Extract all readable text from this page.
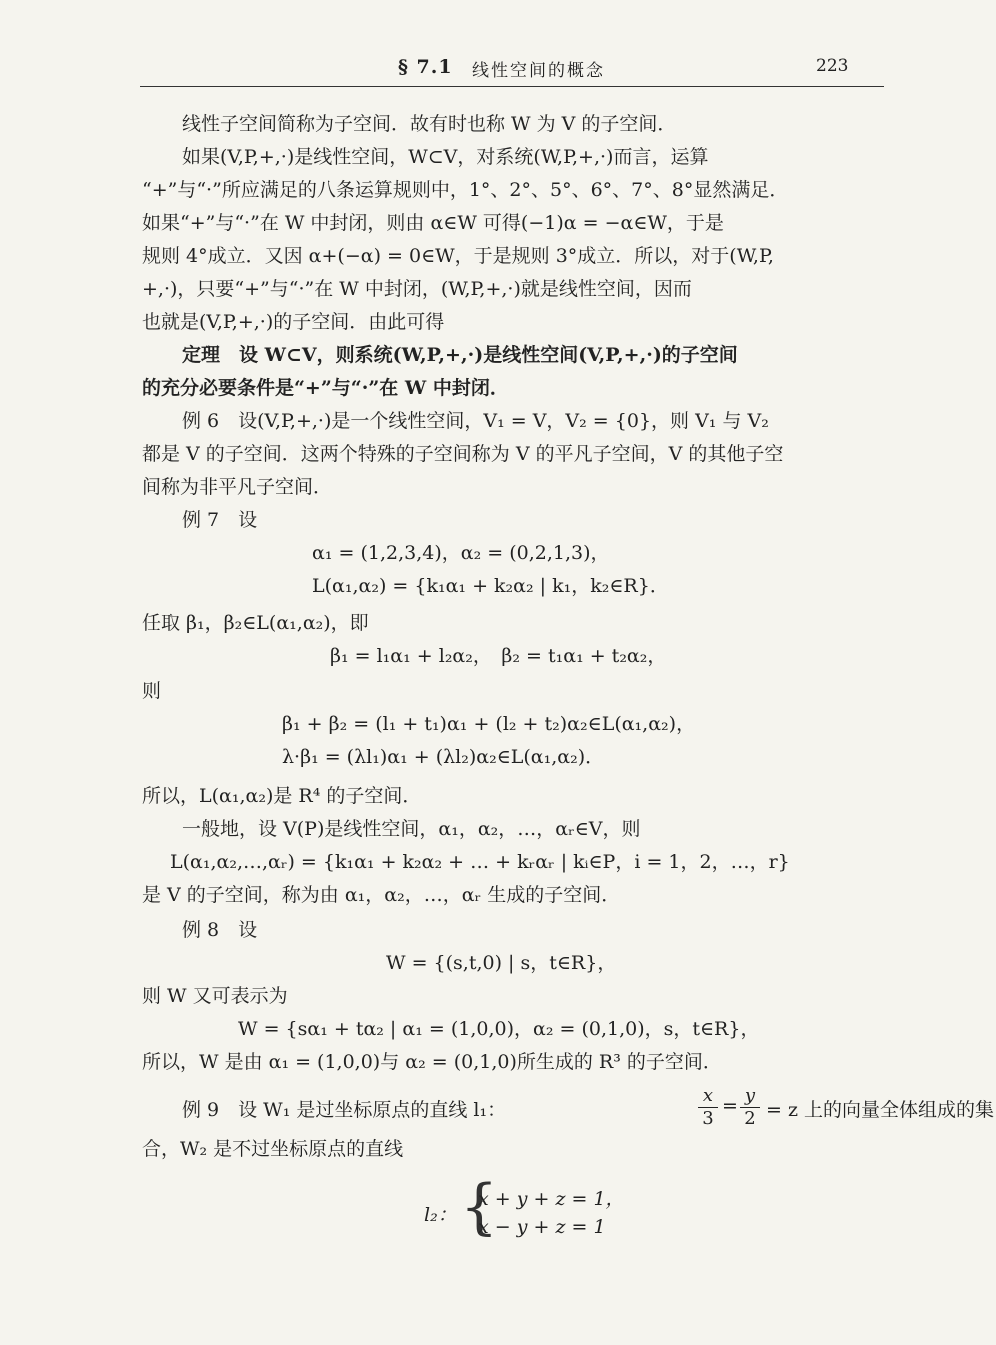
§ 7.1 线性空间的概念	223
线性子空间简称为子空间．故有时也称 W 为 V 的子空间．
如果(V,P,+,·)是线性空间，W⊂V，对系统(W,P,+,·)而言，运算
“+”与“·”所应满足的八条运算规则中，1°、2°、5°、6°、7°、8°显然满足．
如果“+”与“·”在 W 中封闭，则由 α∈W 可得(−1)α = −α∈W，于是
规则 4°成立．又因 α+(−α) = 0∈W，于是规则 3°成立．所以，对于(W,P,
+,·)，只要“+”与“·”在 W 中封闭，(W,P,+,·)就是线性空间，因而
也就是(V,P,+,·)的子空间．由此可得
定理　设 W⊂V，则系统(W,P,+,·)是线性空间(V,P,+,·)的子空间
的充分必要条件是“+”与“·”在 W 中封闭．
例 6　设(V,P,+,·)是一个线性空间，V₁ = V，V₂ = {0}，则 V₁ 与 V₂
都是 V 的子空间．这两个特殊的子空间称为 V 的平凡子空间，V 的其他子空
间称为非平凡子空间．
例 7　设
α₁ = (1,2,3,4)，α₂ = (0,2,1,3)，
L(α₁,α₂) = {k₁α₁ + k₂α₂ | k₁，k₂∈R}．
任取 β₁，β₂∈L(α₁,α₂)，即
β₁ = l₁α₁ + l₂α₂，　β₂ = t₁α₁ + t₂α₂，
则
β₁ + β₂ = (l₁ + t₁)α₁ + (l₂ + t₂)α₂∈L(α₁,α₂)，
λ·β₁ = (λl₁)α₁ + (λl₂)α₂∈L(α₁,α₂)．
所以，L(α₁,α₂)是 R⁴ 的子空间．
一般地，设 V(P)是线性空间，α₁，α₂，…，αᵣ∈V，则
L(α₁,α₂,…,αᵣ) = {k₁α₁ + k₂α₂ + … + kᵣαᵣ | kᵢ∈P，i = 1，2，…，r}
是 V 的子空间，称为由 α₁，α₂，…，αᵣ 生成的子空间．
例 8　设
W = {(s,t,0) | s，t∈R}，
则 W 又可表示为
W = {sα₁ + tα₂ | α₁ = (1,0,0)，α₂ = (0,1,0)，s，t∈R}，
所以，W 是由 α₁ = (1,0,0)与 α₂ = (0,1,0)所生成的 R³ 的子空间．
例 9　设 W₁ 是过坐标原点的直线 l₁：	$\frac{x}{3} = \frac{y}{2} = z$ 上的向量全体组成的集
合，W₂ 是不过坐标原点的直线
l₂： {
x + y + z = 1，
x − y + z = 1
